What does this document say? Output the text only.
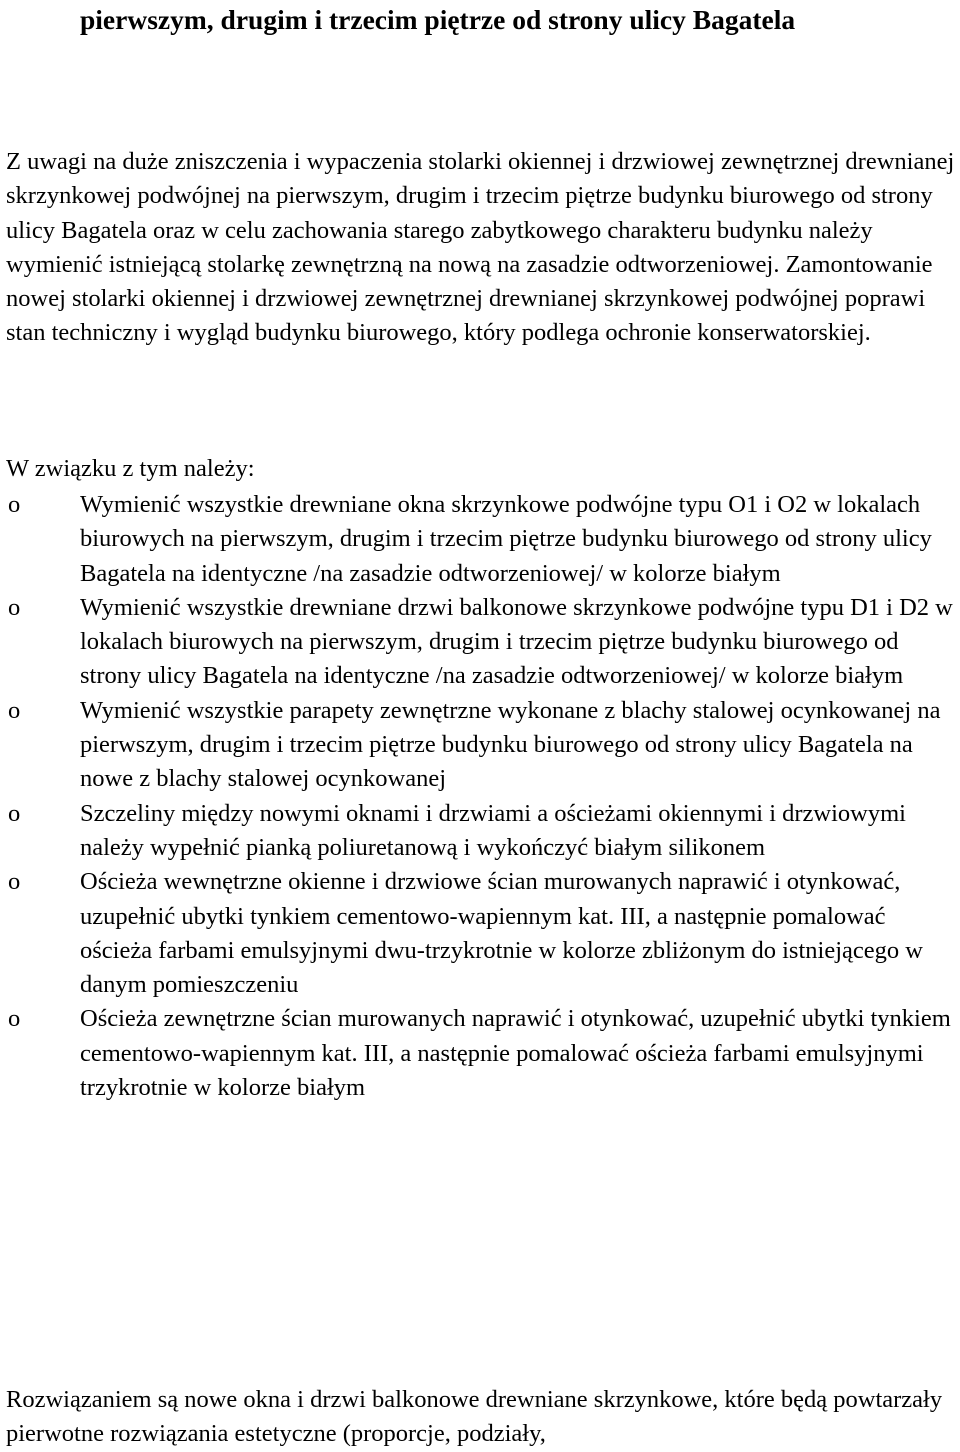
pierwszym, drugim i trzecim piętrze od strony ulicy Bagatela

Z uwagi na duże zniszczenia i wypaczenia stolarki okiennej i drzwiowej zewnętrznej drewnianej skrzynkowej podwójnej na pierwszym, drugim i trzecim piętrze budynku biurowego od strony ulicy Bagatela oraz w celu zachowania starego zabytkowego charakteru budynku należy wymienić istniejącą stolarkę zewnętrzną na nową na zasadzie odtworzeniowej. Zamontowanie nowej stolarki okiennej i drzwiowej zewnętrznej drewnianej skrzynkowej podwójnej poprawi stan techniczny i wygląd budynku biurowego, który podlega ochronie konserwatorskiej.

W związku z tym należy:

o Wymienić wszystkie drewniane okna skrzynkowe podwójne typu O1 i O2 w lokalach biurowych na pierwszym, drugim i trzecim piętrze budynku biurowego od strony ulicy Bagatela na identyczne /na zasadzie odtworzeniowej/ w kolorze białym
o Wymienić wszystkie drewniane drzwi balkonowe skrzynkowe podwójne typu D1 i D2 w lokalach biurowych na pierwszym, drugim i trzecim piętrze budynku biurowego od strony ulicy Bagatela na identyczne /na zasadzie odtworzeniowej/ w kolorze białym
o Wymienić wszystkie parapety zewnętrzne wykonane z blachy stalowej ocynkowanej na pierwszym, drugim i trzecim piętrze budynku biurowego od strony ulicy Bagatela na nowe z blachy stalowej ocynkowanej
o Szczeliny między nowymi oknami i drzwiami a ościeżami okiennymi i drzwiowymi należy wypełnić pianką poliuretanową i wykończyć białym silikonem
o Ościeża wewnętrzne okienne i drzwiowe ścian murowanych naprawić i otynkować, uzupełnić ubytki tynkiem cementowo-wapiennym kat. III, a następnie pomalować ościeża farbami emulsyjnymi dwu-trzykrotnie w kolorze zbliżonym do istniejącego w danym pomieszczeniu
o Ościeża zewnętrzne ścian murowanych naprawić i otynkować, uzupełnić ubytki tynkiem cementowo-wapiennym kat. III, a następnie pomalować ościeża farbami emulsyjnymi trzykrotnie w kolorze białym

Rozwiązaniem są nowe okna i drzwi balkonowe drewniane skrzynkowe, które będą powtarzały pierwotne rozwiązania estetyczne (proporcje, podziały,
